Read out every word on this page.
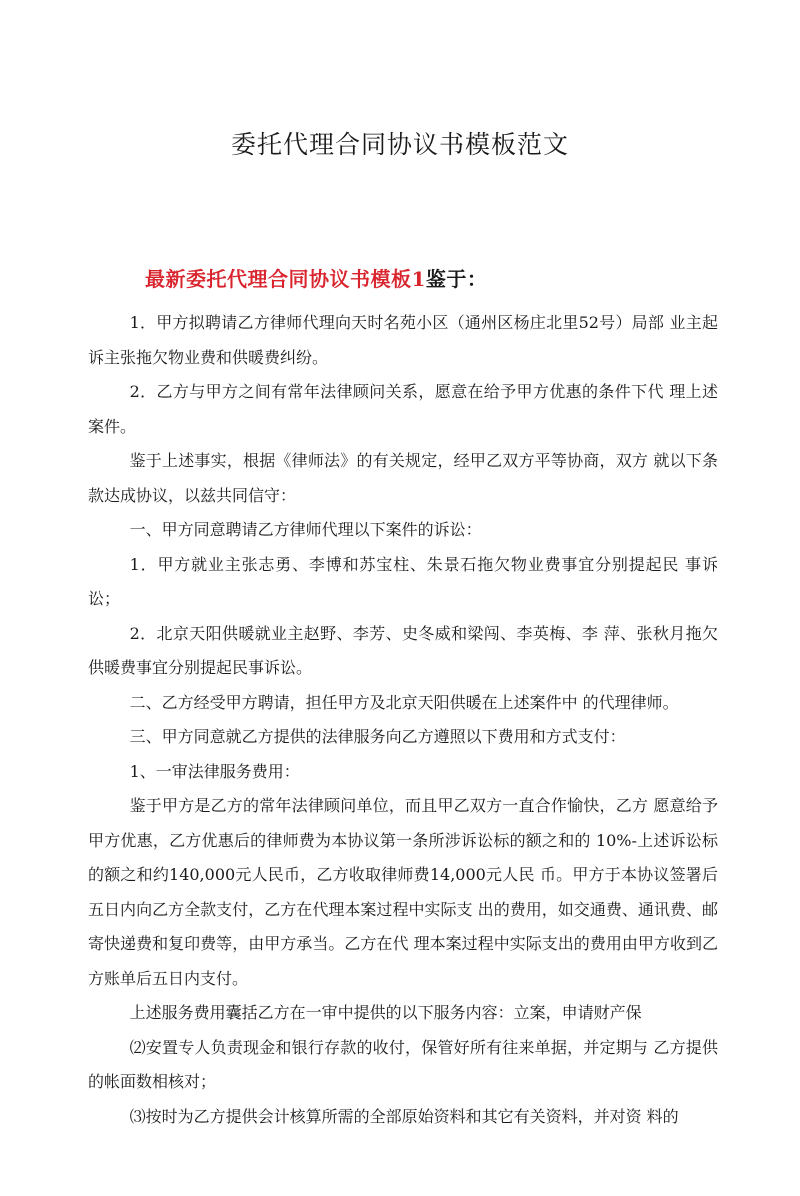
委托代理合同协议书模板范文
最新委托代理合同协议书模板1鉴于：

1．甲方拟聘请乙方律师代理向天时名苑小区（通州区杨庄北里52号）局部 业主起诉主张拖欠物业费和供暖费纠纷。

2．乙方与甲方之间有常年法律顾问关系，愿意在给予甲方优惠的条件下代 理上述案件。

鉴于上述事实，根据《律师法》的有关规定，经甲乙双方平等协商，双方 就以下条款达成协议，以兹共同信守：

一、甲方同意聘请乙方律师代理以下案件的诉讼：

1．甲方就业主张志勇、李博和苏宝柱、朱景石拖欠物业费事宜分别提起民 事诉讼；

2．北京天阳供暖就业主赵野、李芳、史冬威和梁闯、李英梅、李 萍、张秋月拖欠供暖费事宜分别提起民事诉讼。

二、乙方经受甲方聘请，担任甲方及北京天阳供暖在上述案件中 的代理律师。

三、甲方同意就乙方提供的法律服务向乙方遵照以下费用和方式支付：

1、一审法律服务费用：

鉴于甲方是乙方的常年法律顾问单位，而且甲乙双方一直合作愉快，乙方 愿意给予甲方优惠，乙方优惠后的律师费为本协议第一条所涉诉讼标的额之和的 10%-上述诉讼标的额之和约140,000元人民币，乙方收取律师费14,000元人民 币。甲方于本协议签署后五日内向乙方全款支付，乙方在代理本案过程中实际支 出的费用，如交通费、通讯费、邮寄快递费和复印费等，由甲方承当。乙方在代 理本案过程中实际支出的费用由甲方收到乙方账单后五日内支付。

上述服务费用囊括乙方在一审中提供的以下服务内容：立案，申请财产保

⑵安置专人负责现金和银行存款的收付，保管好所有往来单据，并定期与 乙方提供的帐面数相核对；

⑶按时为乙方提供会计核算所需的全部原始资料和其它有关资料，并对资 料的
